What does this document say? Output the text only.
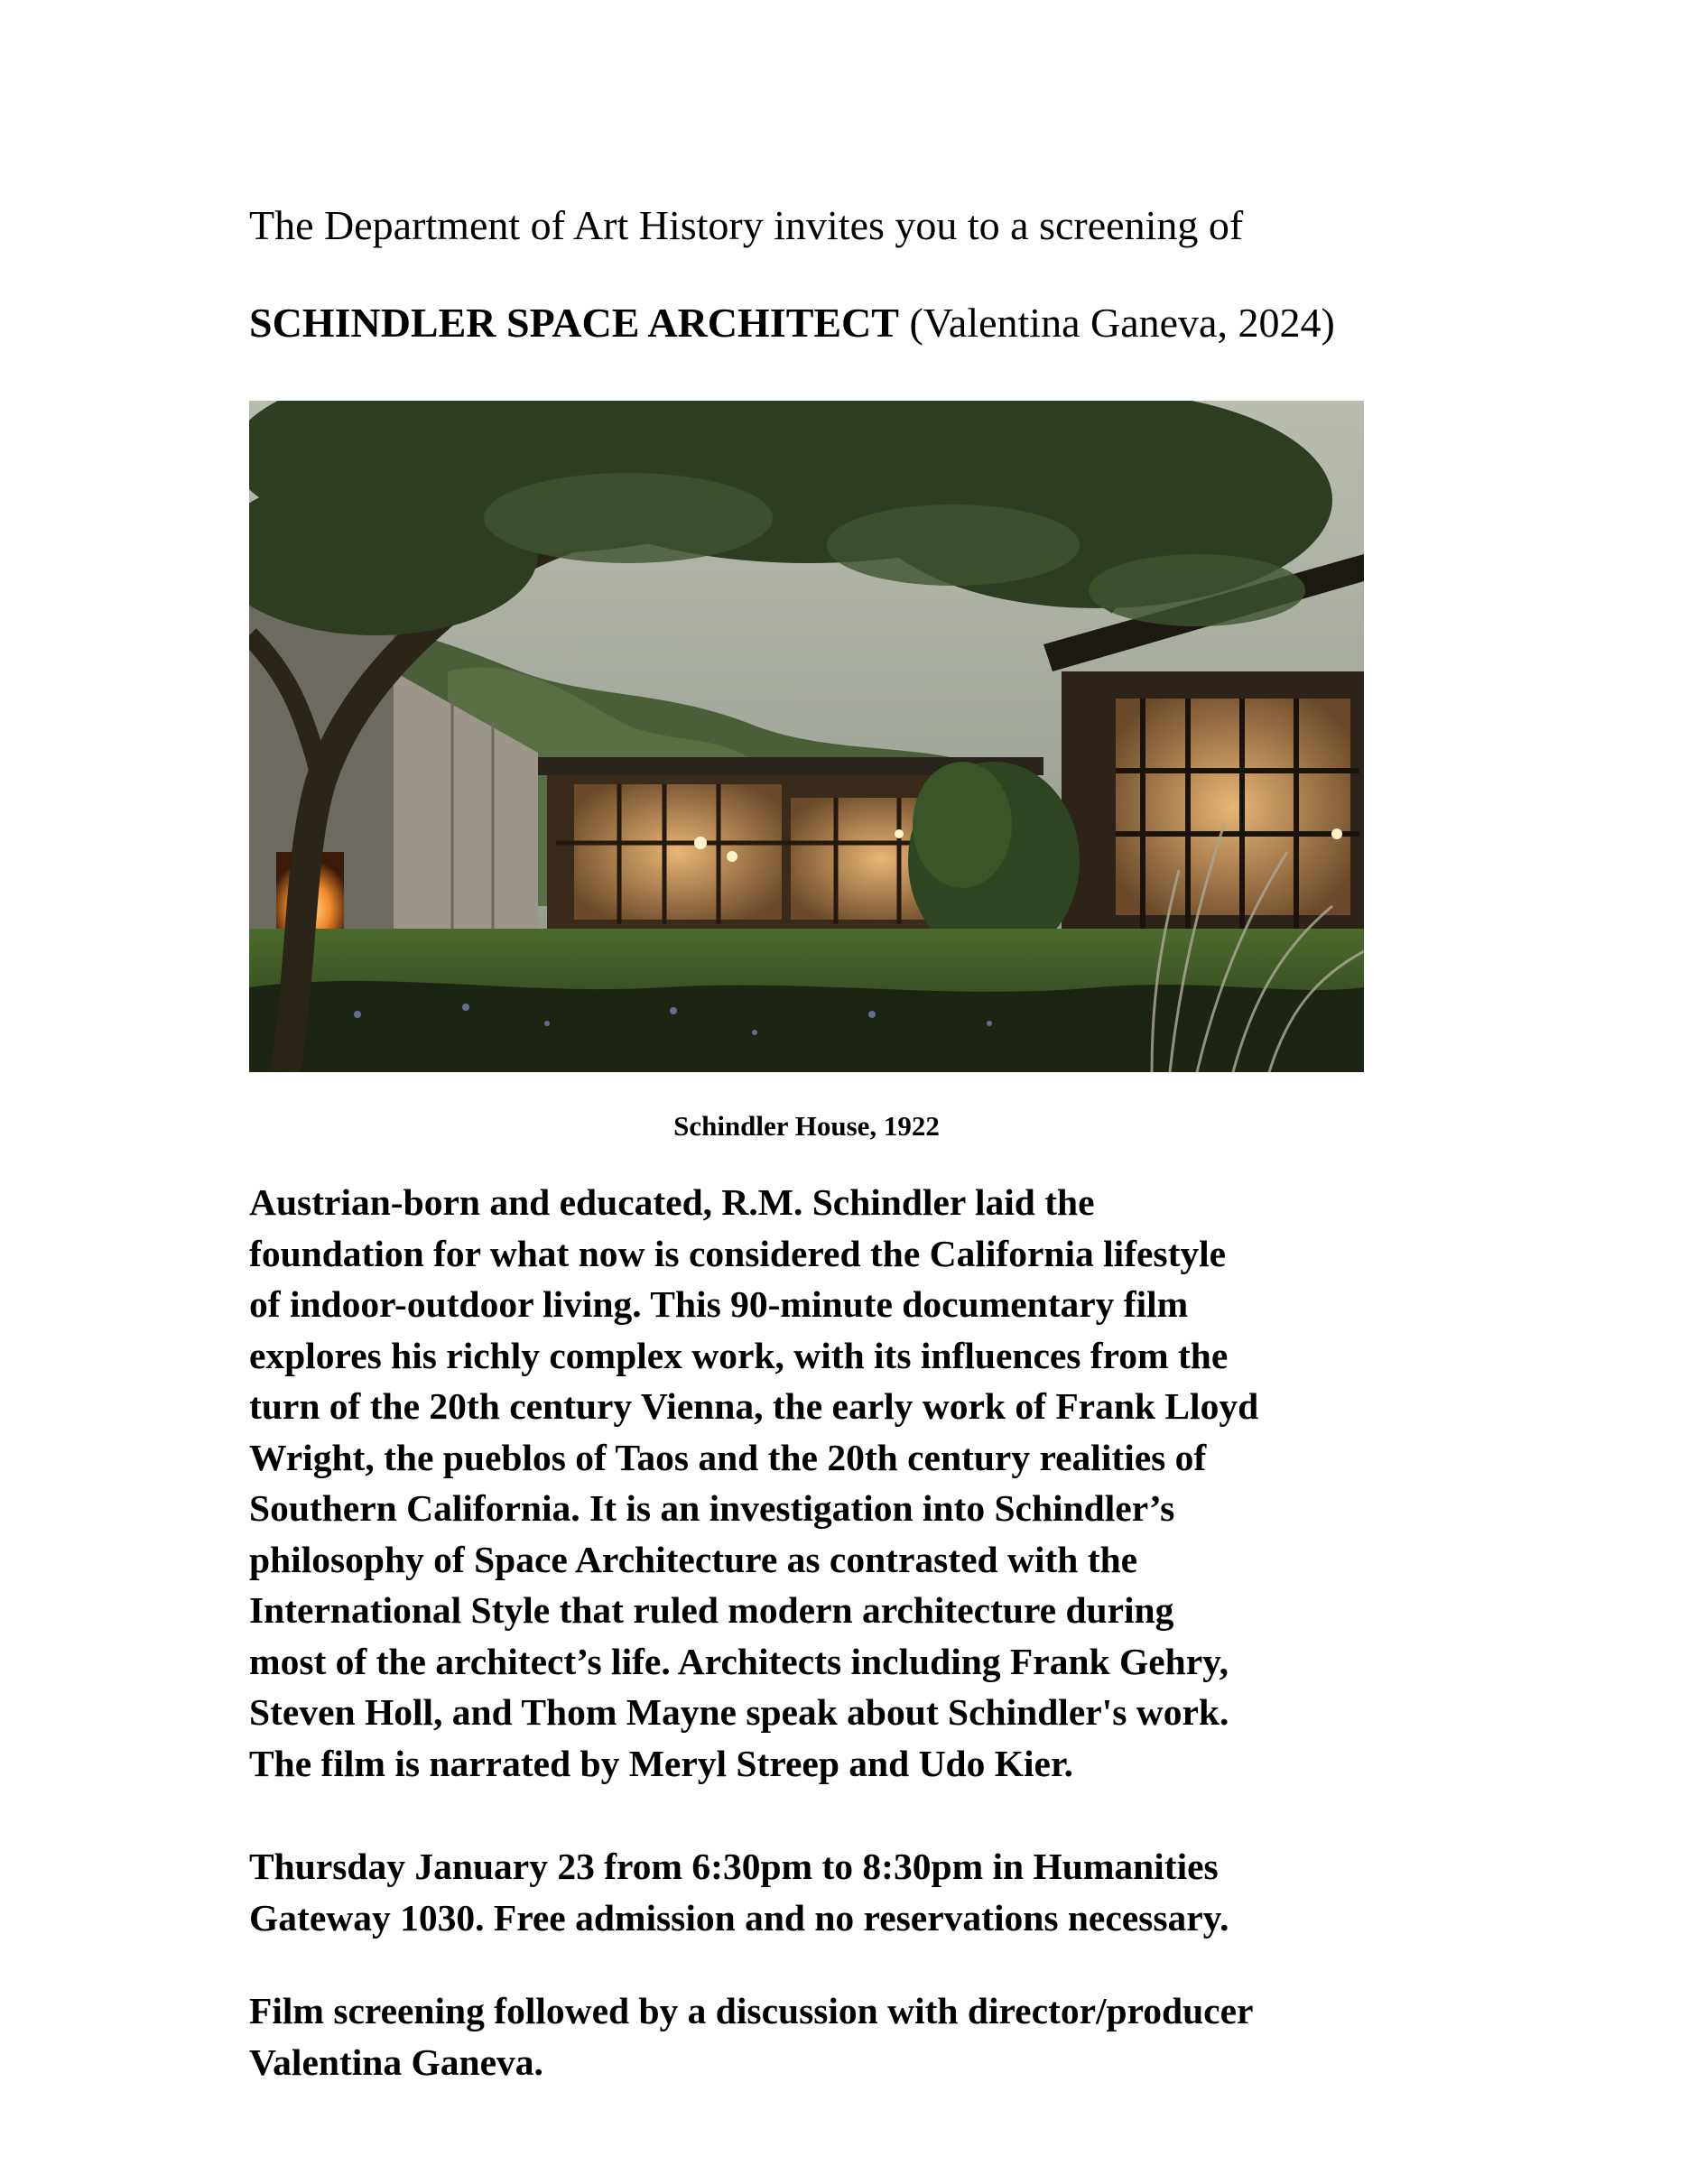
The Department of Art History invites you to a screening of
SCHINDLER SPACE ARCHITECT (Valentina Ganeva, 2024)
Schindler House, 1922
Austrian-born and educated, R.M. Schindler laid the
foundation for what now is considered the California lifestyle
of indoor-outdoor living. This 90-minute documentary film
explores his richly complex work, with its influences from the
turn of the 20th century Vienna, the early work of Frank Lloyd
Wright, the pueblos of Taos and the 20th century realities of
Southern California. It is an investigation into Schindler’s
philosophy of Space Architecture as contrasted with the
International Style that ruled modern architecture during
most of the architect’s life. Architects including Frank Gehry,
Steven Holl, and Thom Mayne speak about Schindler's work.
The film is narrated by Meryl Streep and Udo Kier.
Thursday January 23 from 6:30pm to 8:30pm in Humanities
Gateway 1030. Free admission and no reservations necessary.
Film screening followed by a discussion with director/producer
Valentina Ganeva.
